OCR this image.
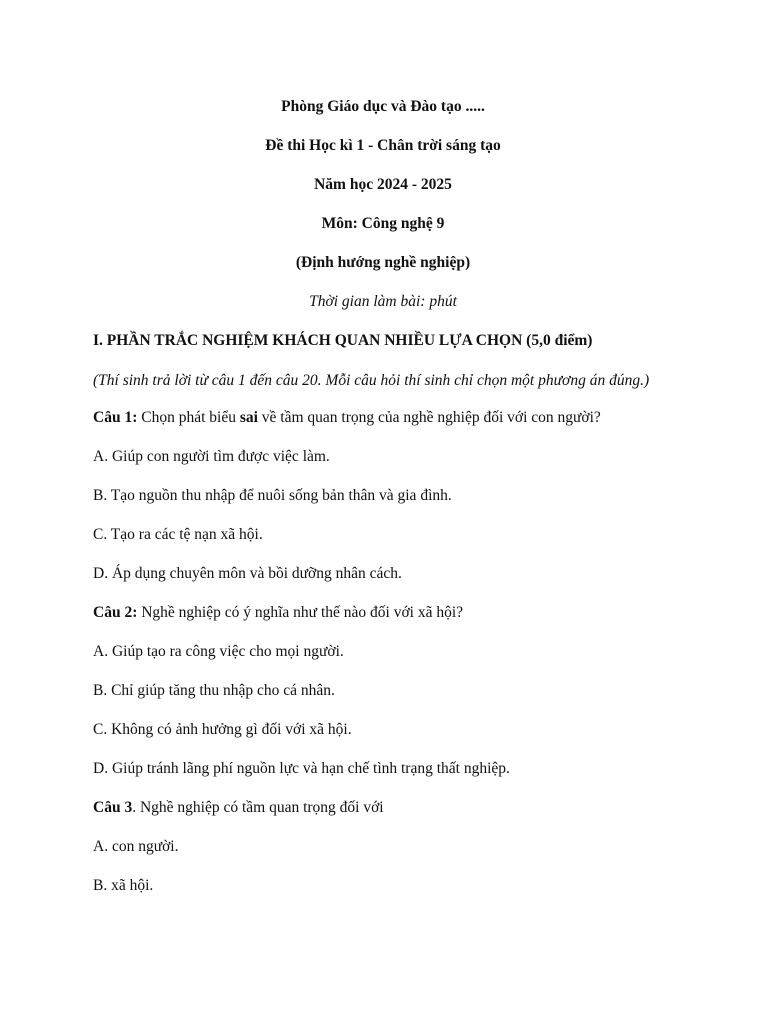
Phòng Giáo dục và Đào tạo .....

Đề thi Học kì 1 - Chân trời sáng tạo

Năm học 2024 - 2025

Môn: Công nghệ 9

(Định hướng nghề nghiệp)

Thời gian làm bài: phút

I. PHẦN TRẮC NGHIỆM KHÁCH QUAN NHIỀU LỰA CHỌN (5,0 điểm)

(Thí sinh trả lời từ câu 1 đến câu 20. Mỗi câu hỏi thí sinh chỉ chọn một phương án đúng.)

Câu 1: Chọn phát biểu sai về tầm quan trọng của nghề nghiệp đối với con người?

A. Giúp con người tìm được việc làm.

B. Tạo nguồn thu nhập để nuôi sống bản thân và gia đình.

C. Tạo ra các tệ nạn xã hội.

D. Áp dụng chuyên môn và bồi dưỡng nhân cách.

Câu 2: Nghề nghiệp có ý nghĩa như thế nào đối với xã hội?

A. Giúp tạo ra công việc cho mọi người.

B. Chỉ giúp tăng thu nhập cho cá nhân.

C. Không có ảnh hưởng gì đối với xã hội.

D. Giúp tránh lãng phí nguồn lực và hạn chế tình trạng thất nghiệp.

Câu 3. Nghề nghiệp có tầm quan trọng đối với

A. con người.

B. xã hội.
